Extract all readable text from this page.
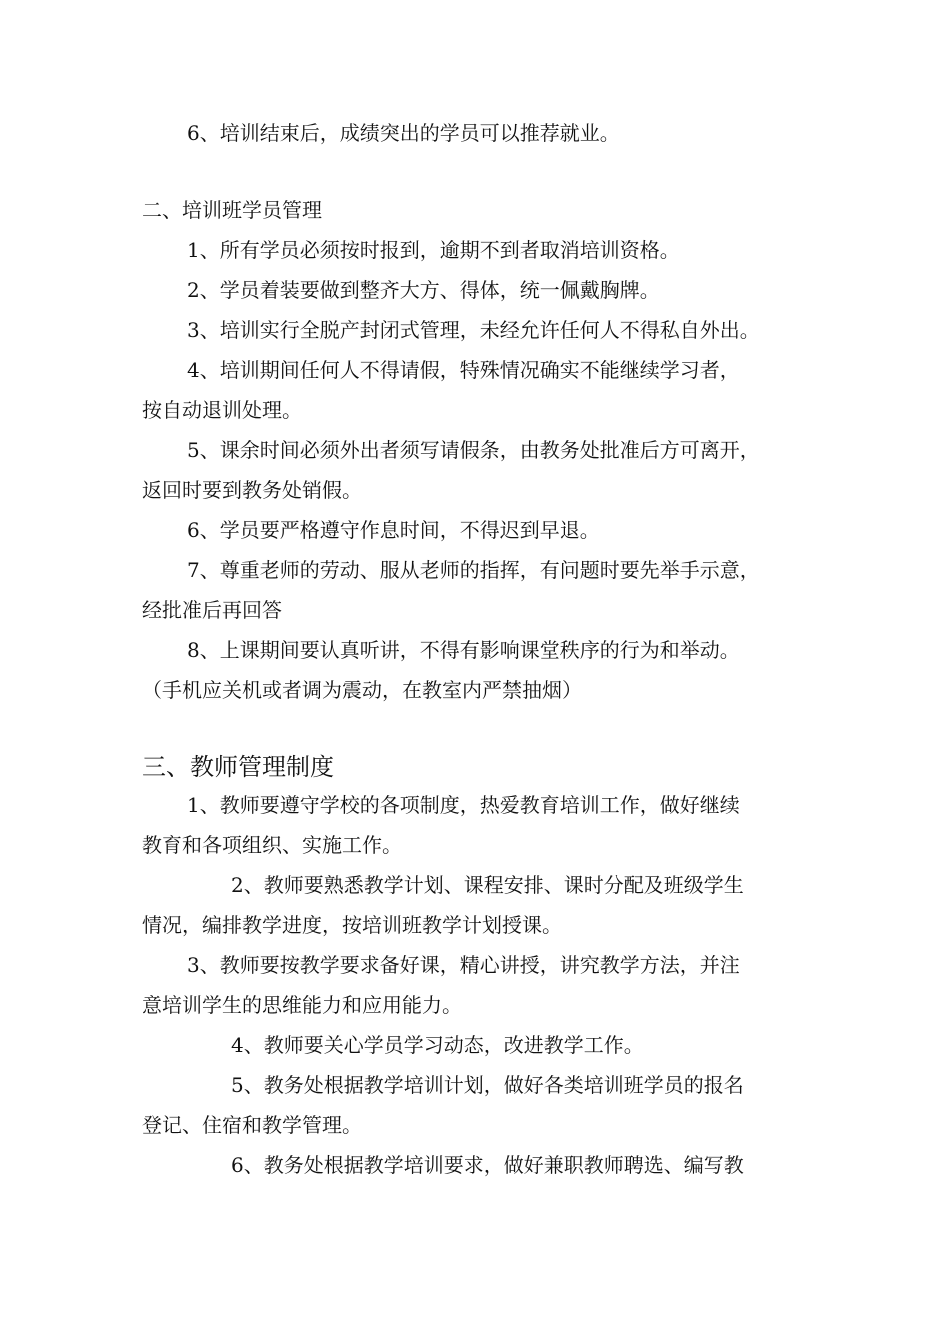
6、培训结束后，成绩突出的学员可以推荐就业。
二、培训班学员管理
1、所有学员必须按时报到，逾期不到者取消培训资格。
2、学员着装要做到整齐大方、得体，统一佩戴胸牌。
3、培训实行全脱产封闭式管理，未经允许任何人不得私自外出。
4、培训期间任何人不得请假，特殊情况确实不能继续学习者，
按自动退训处理。
5、课余时间必须外出者须写请假条，由教务处批准后方可离开，
返回时要到教务处销假。
6、学员要严格遵守作息时间，不得迟到早退。
7、尊重老师的劳动、服从老师的指挥，有问题时要先举手示意，
经批准后再回答
8、上课期间要认真听讲，不得有影响课堂秩序的行为和举动。
（手机应关机或者调为震动，在教室内严禁抽烟）
三、教师管理制度
1、教师要遵守学校的各项制度，热爱教育培训工作，做好继续
教育和各项组织、实施工作。
2、教师要熟悉教学计划、课程安排、课时分配及班级学生
情况，编排教学进度，按培训班教学计划授课。
3、教师要按教学要求备好课，精心讲授，讲究教学方法，并注
意培训学生的思维能力和应用能力。
4、教师要关心学员学习动态，改进教学工作。
5、教务处根据教学培训计划，做好各类培训班学员的报名
登记、住宿和教学管理。
6、教务处根据教学培训要求，做好兼职教师聘选、编写教
